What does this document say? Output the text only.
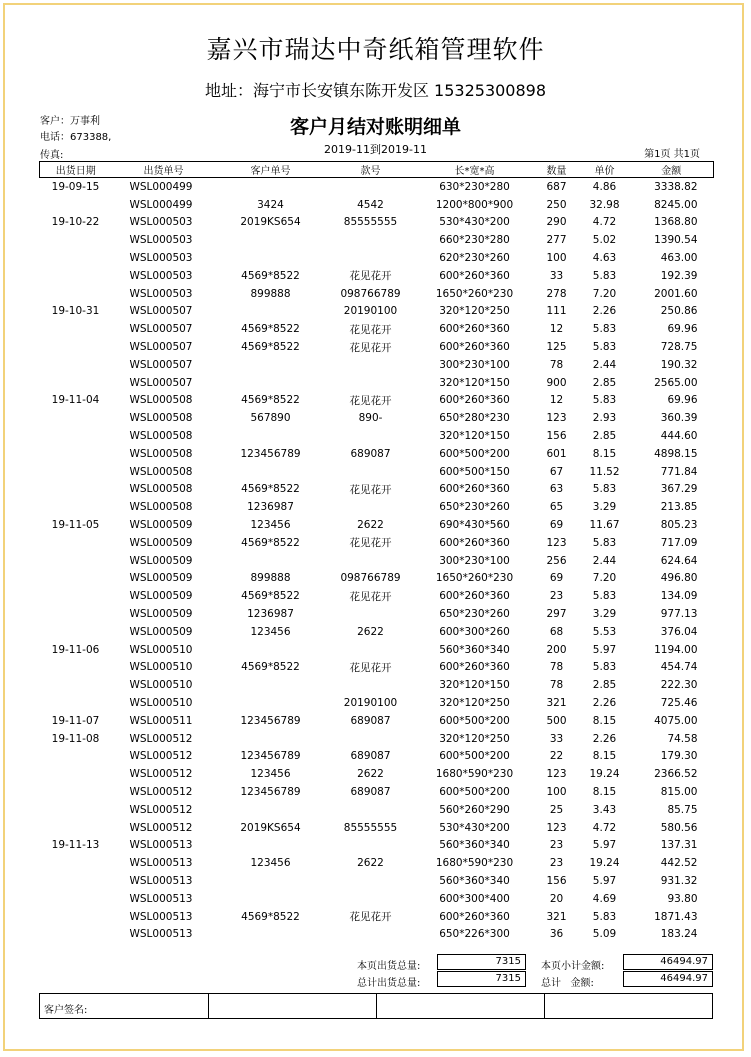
嘉兴市瑞达中奇纸箱管理软件
地址：海宁市长安镇东陈开发区 15325300898
客户：万事利
电话：673388,
传真:
客户月结对账明细单
2019-11到2019-11	第1页 共1页
出货日期	出货单号	客户单号	款号	长*宽*高	数量	单价	金额
19-09-15	WSL000499			630*230*280	687	4.86	3338.82
	WSL000499	3424	4542	1200*800*900	250	32.98	8245.00
19-10-22	WSL000503	2019KS654	85555555	530*430*200	290	4.72	1368.80
	WSL000503			660*230*280	277	5.02	1390.54
	WSL000503			620*230*260	100	4.63	463.00
	WSL000503	4569*8522	花见花开	600*260*360	33	5.83	192.39
	WSL000503	899888	098766789	1650*260*230	278	7.20	2001.60
19-10-31	WSL000507		20190100	320*120*250	111	2.26	250.86
	WSL000507	4569*8522	花见花开	600*260*360	12	5.83	69.96
	WSL000507	4569*8522	花见花开	600*260*360	125	5.83	728.75
	WSL000507			300*230*100	78	2.44	190.32
	WSL000507			320*120*150	900	2.85	2565.00
19-11-04	WSL000508	4569*8522	花见花开	600*260*360	12	5.83	69.96
	WSL000508	567890	890-	650*280*230	123	2.93	360.39
	WSL000508			320*120*150	156	2.85	444.60
	WSL000508	123456789	689087	600*500*200	601	8.15	4898.15
	WSL000508			600*500*150	67	11.52	771.84
	WSL000508	4569*8522	花见花开	600*260*360	63	5.83	367.29
	WSL000508	1236987		650*230*260	65	3.29	213.85
19-11-05	WSL000509	123456	2622	690*430*560	69	11.67	805.23
	WSL000509	4569*8522	花见花开	600*260*360	123	5.83	717.09
	WSL000509			300*230*100	256	2.44	624.64
	WSL000509	899888	098766789	1650*260*230	69	7.20	496.80
	WSL000509	4569*8522	花见花开	600*260*360	23	5.83	134.09
	WSL000509	1236987		650*230*260	297	3.29	977.13
	WSL000509	123456	2622	600*300*260	68	5.53	376.04
19-11-06	WSL000510			560*360*340	200	5.97	1194.00
	WSL000510	4569*8522	花见花开	600*260*360	78	5.83	454.74
	WSL000510			320*120*150	78	2.85	222.30
	WSL000510		20190100	320*120*250	321	2.26	725.46
19-11-07	WSL000511	123456789	689087	600*500*200	500	8.15	4075.00
19-11-08	WSL000512			320*120*250	33	2.26	74.58
	WSL000512	123456789	689087	600*500*200	22	8.15	179.30
	WSL000512	123456	2622	1680*590*230	123	19.24	2366.52
	WSL000512	123456789	689087	600*500*200	100	8.15	815.00
	WSL000512			560*260*290	25	3.43	85.75
	WSL000512	2019KS654	85555555	530*430*200	123	4.72	580.56
19-11-13	WSL000513			560*360*340	23	5.97	137.31
	WSL000513	123456	2622	1680*590*230	23	19.24	442.52
	WSL000513			560*360*340	156	5.97	931.32
	WSL000513			600*300*400	20	4.69	93.80
	WSL000513	4569*8522	花见花开	600*260*360	321	5.83	1871.43
	WSL000513			650*226*300	36	5.09	183.24
本页出货总量:	7315
总计出货总量:	7315
本页小计金额:	46494.97
总计   金额:	46494.97
客户签名:
